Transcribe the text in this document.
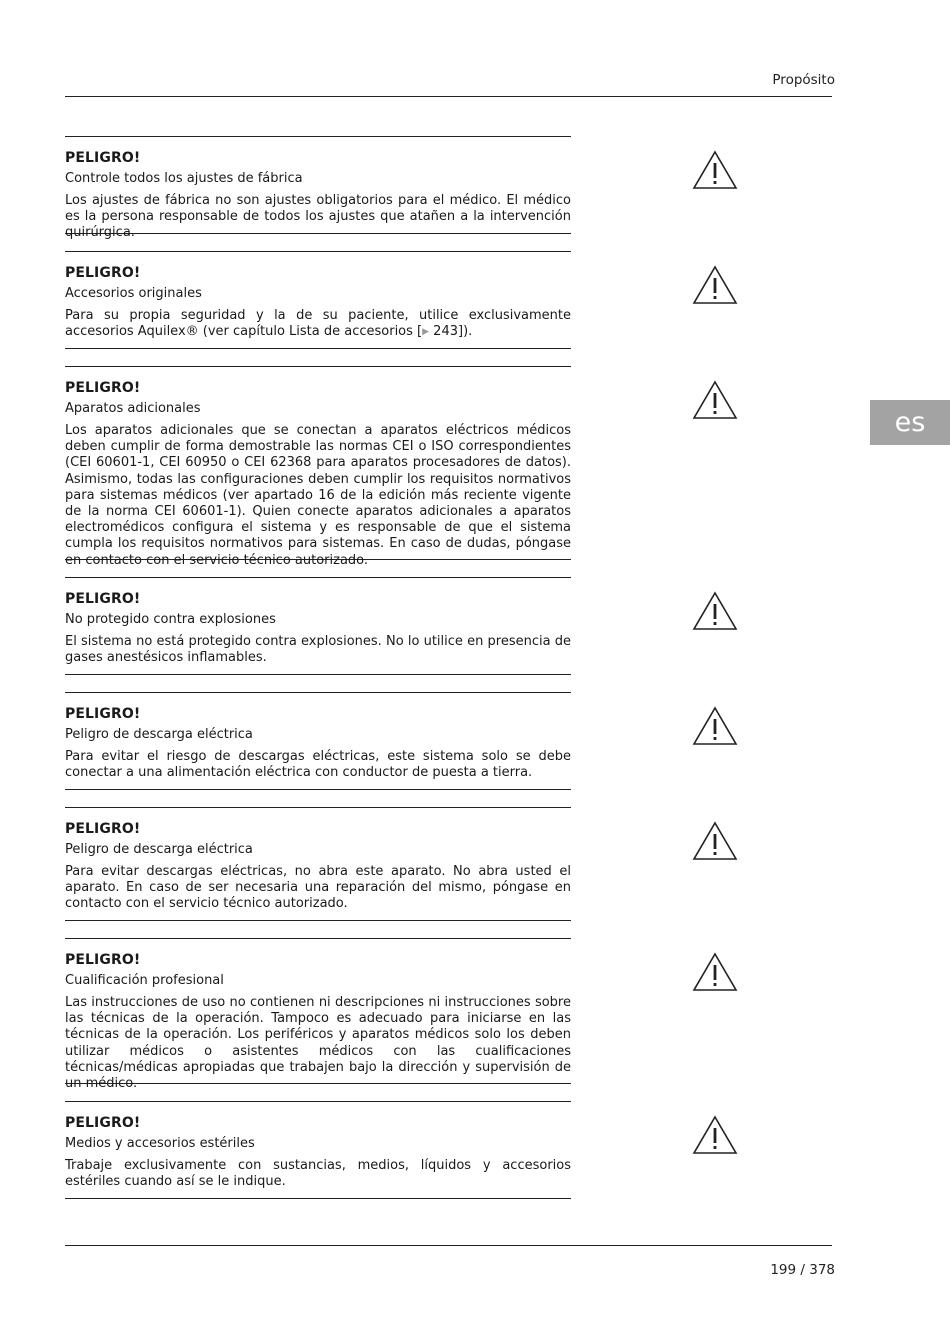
Propósito
es
PELIGRO!
Controle todos los ajustes de fábrica
Los ajustes de fábrica no son ajustes obligatorios para el médico. El médico es la persona responsable de todos los ajustes que atañen a la intervención quirúrgica.
PELIGRO!
Accesorios originales
Para su propia seguridad y la de su paciente, utilice exclusivamente accesorios Aquilex® (ver capítulo Lista de accesorios [▶ 243]).
PELIGRO!
Aparatos adicionales
Los aparatos adicionales que se conectan a aparatos eléctricos médicos deben cumplir de forma demostrable las normas CEI o ISO correspondientes (CEI 60601-1, CEI 60950 o CEI 62368 para aparatos procesadores de datos). Asimismo, todas las configuraciones deben cumplir los requisitos normativos para sistemas médicos (ver apartado 16 de la edición más reciente vigente de la norma CEI 60601-1). Quien conecte aparatos adicionales a aparatos electromédicos configura el sistema y es responsable de que el sistema cumpla los requisitos normativos para sistemas. En caso de dudas, póngase en contacto con el servicio técnico autorizado.
PELIGRO!
No protegido contra explosiones
El sistema no está protegido contra explosiones. No lo utilice en presencia de gases anestésicos inflamables.
PELIGRO!
Peligro de descarga eléctrica
Para evitar el riesgo de descargas eléctricas, este sistema solo se debe conectar a una alimentación eléctrica con conductor de puesta a tierra.
PELIGRO!
Peligro de descarga eléctrica
Para evitar descargas eléctricas, no abra este aparato. No abra usted el aparato. En caso de ser necesaria una reparación del mismo, póngase en contacto con el servicio técnico autorizado.
PELIGRO!
Cualificación profesional
Las instrucciones de uso no contienen ni descripciones ni instrucciones sobre las técnicas de la operación. Tampoco es adecuado para iniciarse en las técnicas de la operación. Los periféricos y aparatos médicos solo los deben utilizar médicos o asistentes médicos con las cualificaciones técnicas/médicas apropiadas que trabajen bajo la dirección y supervisión de un médico.
PELIGRO!
Medios y accesorios estériles
Trabaje exclusivamente con sustancias, medios, líquidos y accesorios estériles cuando así se le indique.
199 / 378
